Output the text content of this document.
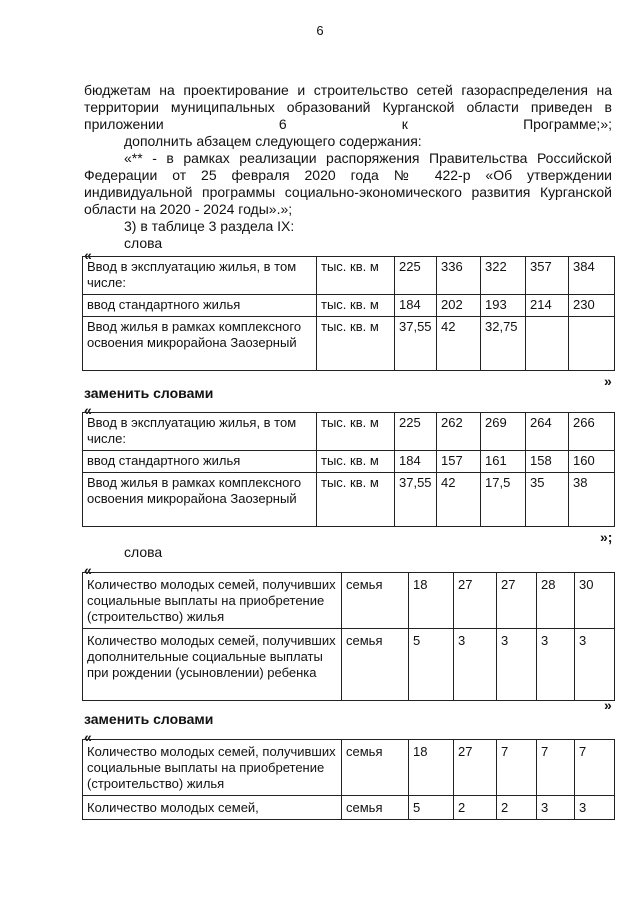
6

бюджетам на проектирование и строительство сетей газораспределения на территории муниципальных образований Курганской области приведен в приложении 6 к Программе;»;

дополнить абзацем следующего содержания:

«** - в рамках реализации распоряжения Правительства Российской Федерации от 25 февраля 2020 года № 422-р «Об утверждении индивидуальной программы социально-экономического развития Курганской области на 2020 - 2024 годы».»;

3) в таблице 3 раздела IX:
слова
«
Ввод в эксплуатацию жилья, в том числе:	тыс. кв. м	225	336	322	357	384
ввод стандартного жилья	тыс. кв. м	184	202	193	214	230
Ввод жилья в рамках комплексного освоения микрорайона Заозерный	тыс. кв. м	37,55	42	32,75		
»
заменить словами
«
Ввод в эксплуатацию жилья, в том числе:	тыс. кв. м	225	262	269	264	266
ввод стандартного жилья	тыс. кв. м	184	157	161	158	160
Ввод жилья в рамках комплексного освоения микрорайона Заозерный	тыс. кв. м	37,55	42	17,5	35	38
»;
слова
«
Количество молодых семей, получивших социальные выплаты на приобретение (строительство) жилья	семья	18	27	27	28	30
Количество молодых семей, получивших дополнительные социальные выплаты при рождении (усыновлении) ребенка	семья	5	3	3	3	3
»
заменить словами
«
Количество молодых семей, получивших социальные выплаты на приобретение (строительство) жилья	семья	18	27	7	7	7
Количество молодых семей,	семья	5	2	2	3	3
